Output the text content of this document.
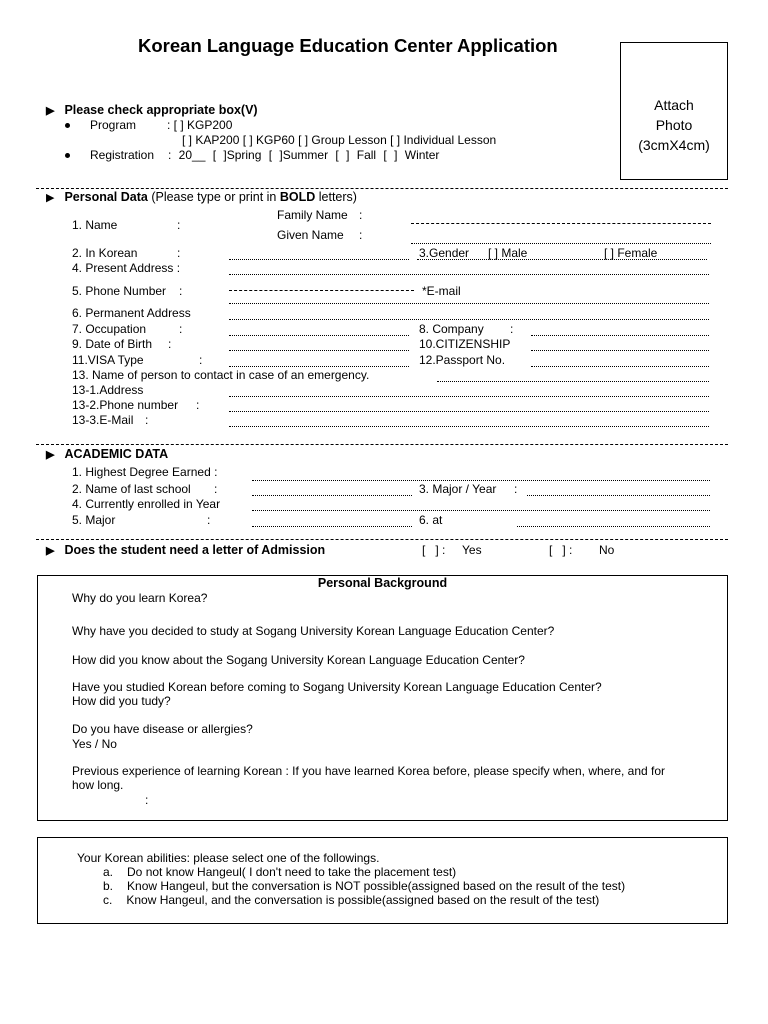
Korean Language Education Center Application
Attach
Photo
(3cmX4cm)
▶ Please check appropriate box(V)
Program	: [ ] KGP200
[ ] KAP200 [ ] KGP60 [ ] Group Lesson [ ] Individual Lesson
Registration : 20__ [ ]Spring [ ]Summer [ ] Fall [ ] Winter
▶ Personal Data (Please type or print in BOLD letters)
1. Name	:
Family Name :
Given Name :
2. In Korean	:	3.Gender [ ] Male	[ ] Female
4. Present Address :
5. Phone Number :	*E-mail
6. Permanent Address
7. Occupation	:	8. Company :
9. Date of Birth :	10.CITIZENSHIP
11.VISA Type	:	12.Passport No.
13. Name of person to contact in case of an emergency.
13-1.Address
13-2.Phone number :
13-3.E-Mail :
▶ ACADEMIC DATA
1. Highest Degree Earned :
2. Name of last school :	3. Major / Year :
4. Currently enrolled in Year
5. Major	:	6. at
▶ Does the student need a letter of Admission	[   ] :     Yes	[   ] :        No
Personal Background
Why do you learn Korea?
Why have you decided to study at Sogang University Korean Language Education Center?
How did you know about the Sogang University Korean Language Education Center?
Have you studied Korean before coming to Sogang University Korean Language Education Center?
How did you tudy?
Do you have disease or allergies?
Yes / No
Previous experience of learning Korean : If you have learned Korea before, please specify when, where, and for
how long.
:
Your Korean abilities: please select one of the followings.
a. Do not know Hangeul( I don't need to take the placement test)
b. Know Hangeul, but the conversation is NOT possible(assigned based on the result of the test)
c. Know Hangeul, and the conversation is possible(assigned based on the result of the test)
